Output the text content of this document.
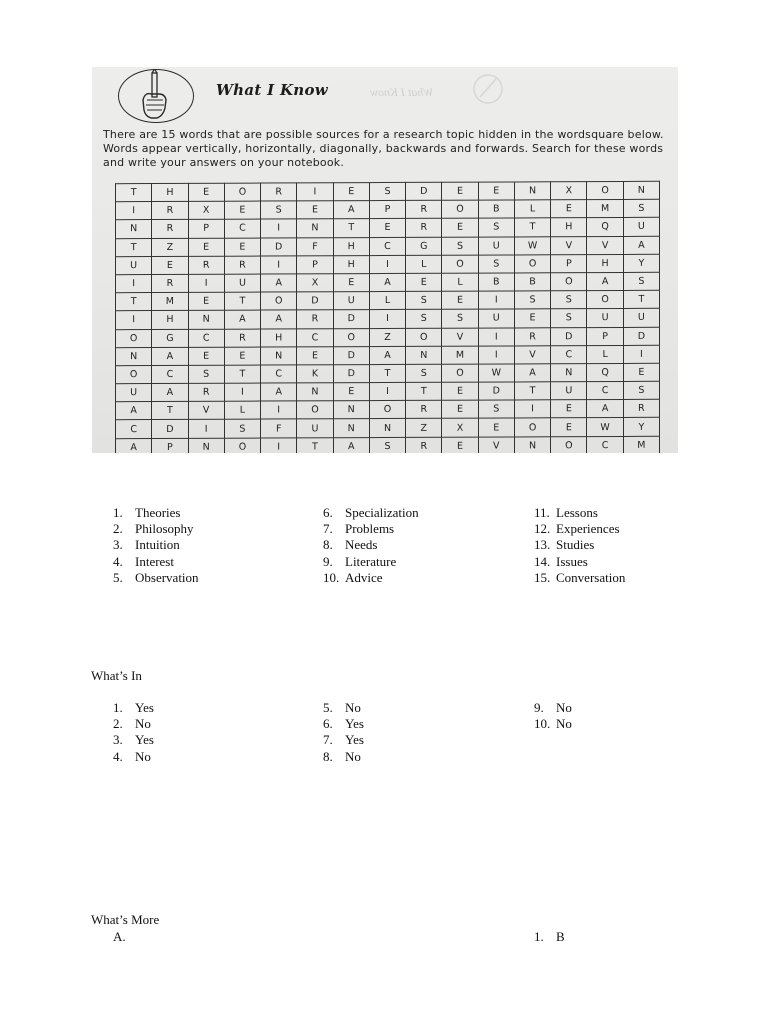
What I Know	What I Know
There are 15 words that are possible sources for a research topic hidden in the wordsquare below. Words appear vertically, horizontally, diagonally, backwards and forwards. Search for these words and write your answers on your notebook.
T	H	E	O	R	I	E	S	D	E	E	N	X	O	N
I	R	X	E	S	E	A	P	R	O	B	L	E	M	S
N	R	P	C	I	N	T	E	R	E	S	T	H	Q	U
T	Z	E	E	D	F	H	C	G	S	U	W	V	V	A
U	E	R	R	I	P	H	I	L	O	S	O	P	H	Y
I	R	I	U	A	X	E	A	E	L	B	B	O	A	S
T	M	E	T	O	D	U	L	S	E	I	S	S	O	T
I	H	N	A	A	R	D	I	S	S	U	E	S	U	U
O	G	C	R	H	C	O	Z	O	V	I	R	D	P	D
N	A	E	E	N	E	D	A	N	M	I	V	C	L	I
O	C	S	T	C	K	D	T	S	O	W	A	N	Q	E
U	A	R	I	A	N	E	I	T	E	D	T	U	C	S
A	T	V	L	I	O	N	O	R	E	S	I	E	A	R
C	D	I	S	F	U	N	N	Z	X	E	O	E	W	Y
A	P	N	O	I	T	A	S	R	E	V	N	O	C	M
1. Theories
2. Philosophy
3. Intuition
4. Interest
5. Observation
6. Specialization
7. Problems
8. Needs
9. Literature
10. Advice
11. Lessons
12. Experiences
13. Studies
14. Issues
15. Conversation
What’s In
1. Yes
2. No
3. Yes
4. No
5. No
6. Yes
7. Yes
8. No
9. No
10. No
What’s More
A.	1. B
